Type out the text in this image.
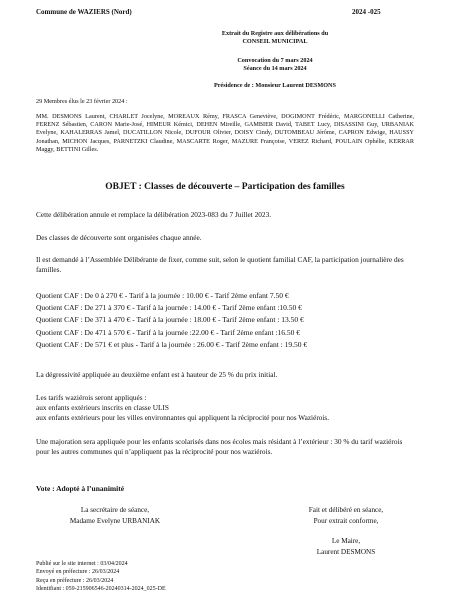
Commune de WAZIERS (Nord)	2024 -025
Extrait du Registre aux délibérations du
CONSEIL MUNICIPAL
Convocation du 7 mars 2024
Séance du 14 mars 2024
Présidence de : Monsieur Laurent DESMONS
29 Membres élus le 23 février 2024 :
MM. DESMONS Laurent, CHARLET Jocelyne, MOREAUX Rémy, FRASCA Geneviève, DOGIMONT Frédéric, MARGONELLI Catherine, FERENZ Sébastien, CARON Marie-José, HIMEUR Kémici, DEHEN Mireille, GAMBIER David, TABET Lucy, DISASSINI Guy, URBANIAK Evelyne, KAHALERRAS Jamel, DUCATILLON Nicole, DUFOUR Olivier, DOISY Cindy, DUTOMBEAU Jérôme, CAPRON Edwige, HAUSSY Jonathan, MICHON Jacques, PARNETZKI Claudine, MASCARTE Roger, MAZURE Françoise, VEREZ Richard, POULAIN Ophélie, KERRAR Maggy, BETTINI Gilles.
OBJET : Classes de découverte – Participation des familles
Cette délibération annule et remplace la délibération 2023-083 du 7 Juillet 2023.
Des classes de découverte sont organisées chaque année.
Il est demandé à l’Assemblée Délibérante de fixer, comme suit, selon le quotient familial CAF, la participation journalière des familles.
Quotient CAF : De 0 à 270 € - Tarif à la journée : 10.00 € - Tarif 2ème enfant 7.50 €
Quotient CAF : De 271 à 370 € - Tarif à la journée : 14.00 € - Tarif 2ème enfant :10.50 €
Quotient CAF : De 371 à 470 € - Tarif à la journée : 18.00 € - Tarif 2ème enfant : 13.50 €
Quotient CAF : De 471 à 570 € - Tarif à la journée :22.00 € - Tarif 2ème enfant :16.50 €
Quotient CAF : De 571 € et plus - Tarif à la journée : 26.00 € - Tarif 2ème enfant : 19.50 €
La dégressivité appliquée au deuxième enfant est à hauteur de 25 % du prix initial.
Les tarifs waziérois seront appliqués :
aux enfants extérieurs inscrits en classe ULIS
aux enfants extérieurs pour les villes environnantes qui appliquent la réciprocité pour nos Waziérois.
Une majoration sera appliquée pour les enfants scolarisés dans nos écoles mais résidant à l’extérieur : 30 % du tarif waziérois pour les autres communes qui n’appliquent pas la réciprocité pour nos waziérois.
Vote : Adopté à l’unanimité
La secrétaire de séance,
Madame Evelyne URBANIAK
Fait et délibéré en séance,
Pour extrait conforme,
Le Maire,
Laurent DESMONS
Publié sur le site internet : 03/04/2024
Envoyé en préfecture : 26/03/2024
Reçu en préfecture : 26/03/2024
Identifiant : 059-215906546-20240314-2024_025-DE
